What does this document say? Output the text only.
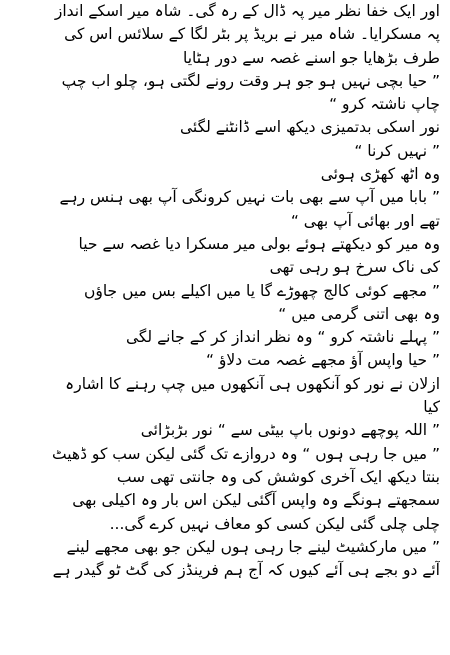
اور ایک خفا نظر میر پہ ڈال کے رہ گی۔ شاہ میر اسکے انداز
پہ مسکرایا۔ شاہ میر نے بریڈ پر بٹر لگا کے سلائس اس کی
طرف بڑھایا جو اسنے غصہ سے دور ہٹایا
” حیا بچی نہیں ہو جو ہر وقت رونے لگتی ہو، چلو اب چپ
چاپ ناشتہ کرو “
نور اسکی بدتمیزی دیکھ اسے ڈانٹنے لگئی
” نہیں کرنا “
وہ اٹھ کھڑی ہوئی
” بابا میں آپ سے بھی بات نہیں کرونگی آپ بھی ہنس رہے
تھے اور بھائی آپ بھی “
وہ میر کو دیکھتے ہوئے بولی میر مسکرا دیا غصہ سے حیا
کی ناک سرخ ہو رہی تھی
” مجھے کوئی کالج چھوڑے گا یا میں اکیلے بس میں جاؤں
وہ بھی اتنی گرمی میں “
” پہلے ناشتہ کرو “ وہ نظر انداز کر کے جانے لگی
” حیا واپس آؤ مجھے غصہ مت دلاؤ “
ازلان نے نور کو آنکھوں ہی آنکھوں میں چپ رہنے کا اشارہ
کیا
” اللہ پوچھے دونوں باپ بیٹی سے “ نور بڑبڑائی
” میں جا رہی ہوں “ وہ دروازے تک گئی لیکن سب کو ڈھیٹ
بنتا دیکھ ایک آخری کوشش کی وہ جانتی تھی سب
سمجھتے ہونگے وہ واپس آگئی لیکن اس بار وہ اکیلی بھی
چلی چلی گئی لیکن کسی کو معاف نہیں کرے گی...
” میں مارکشیٹ لینے جا رہی ہوں لیکن جو بھی مجھے لینے
آئے دو بجے ہی آئے کیوں کہ آج ہم فرینڈز کی گٹ ٹو گیدر ہے
